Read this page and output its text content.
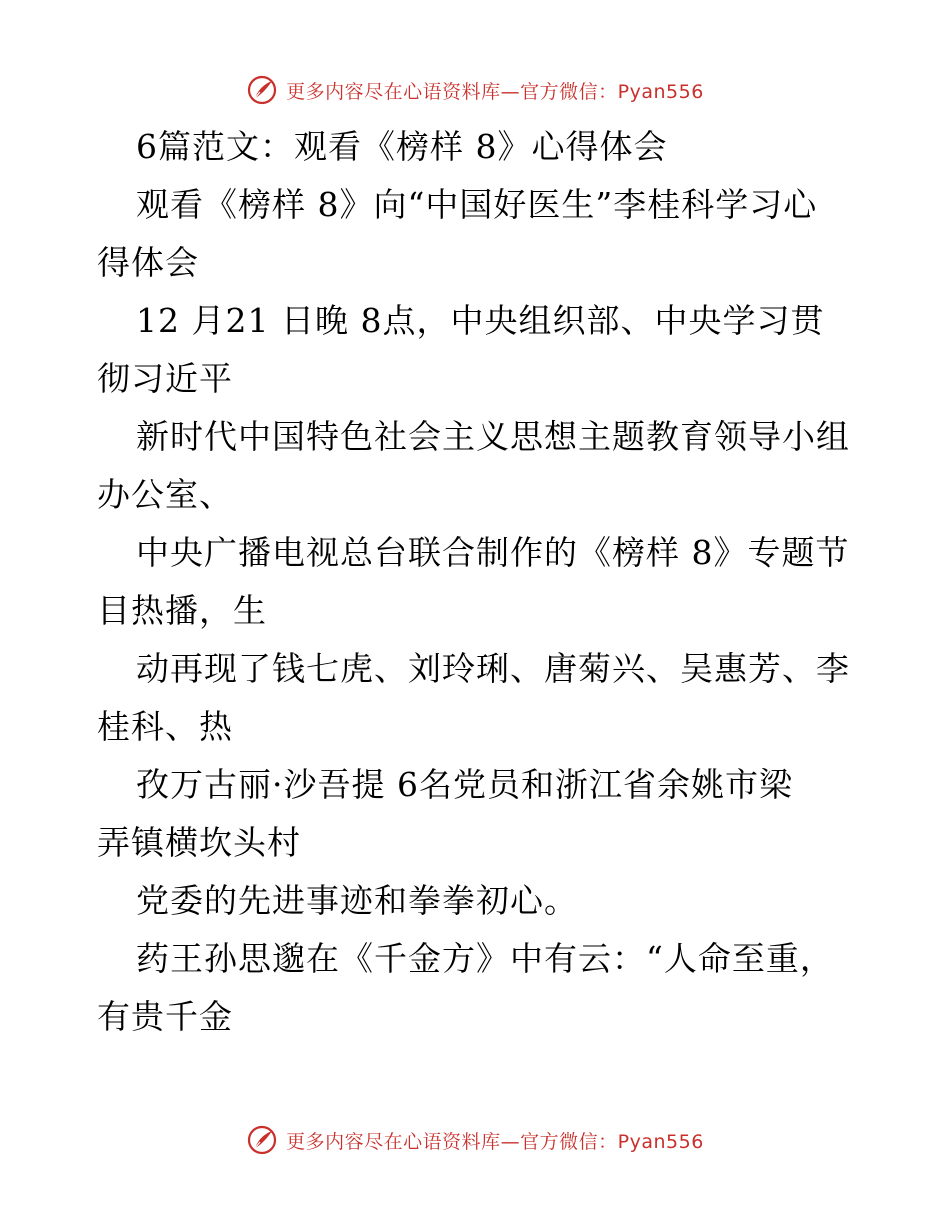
更多内容尽在心语资料库—官方微信：Pyan556
6篇范文：观看《榜样 8》心得体会
观看《榜样 8》向“中国好医生”李桂科学习心
得体会
12 月21 日晚 8点，中央组织部、中央学习贯
彻习近平
新时代中国特色社会主义思想主题教育领导小组
办公室、
中央广播电视总台联合制作的《榜样 8》专题节
目热播，生
动再现了钱七虎、刘玲琍、唐菊兴、吴惠芳、李
桂科、热
孜万古丽·沙吾提 6名党员和浙江省余姚市梁
弄镇横坎头村
党委的先进事迹和拳拳初心。
药王孙思邈在《千金方》中有云：“人命至重，
有贵千金
更多内容尽在心语资料库—官方微信：Pyan556
